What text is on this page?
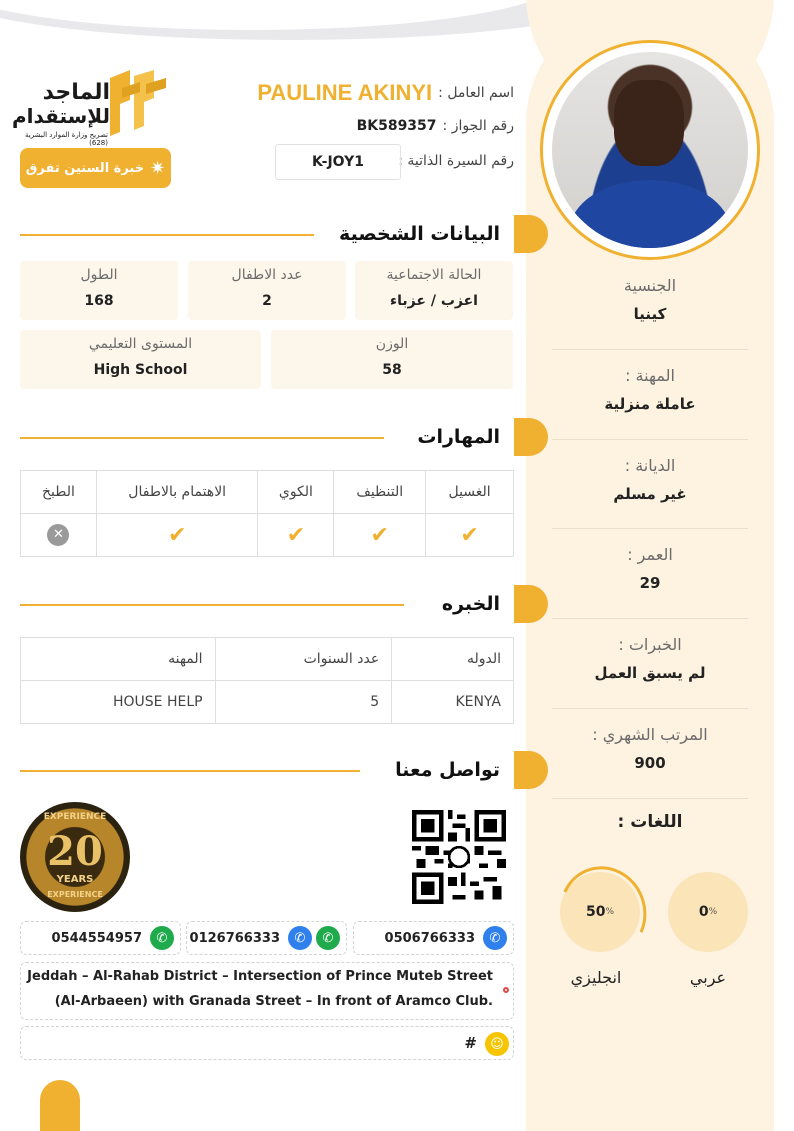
الجنسية
كينيا
المهنة :
عاملة منزلية
الديانة :
غير مسلم
العمر :
29
الخبرات :
لم يسبق العمل
المرتب الشهري :
900
اللغات :
0 %
عربي
50 %
انجليزي
الماجد
للإستقدام
تصريح وزارة الموارد البشرية (628)
✷
خبرة السنين تفرق
اسم العامل :
PAULINE AKINYI
رقم الجواز :
BK589357
رقم السيرة الذاتية :
K-JOY1
البيانات الشخصية
الحالة الاجتماعية
اعزب / عزباء
عدد الاطفال
2
الطول
168
الوزن
58
المستوى التعليمي
High School
المهارات
الغسيل	التنظيف	الكوي	الاهتمام بالاطفال	الطبخ
✔	✔	✔	✔	✕
الخبره
الدوله	عدد السنوات	المهنه
KENYA	5	HOUSE HELP
تواصل معنا
EXPERIENCE
20
YEARS
EXPERIENCE
0506766333	✆
0126766333	✆	✆
0544554957	✆
Jeddah – Al-Rahab District – Intersection of Prince Muteb Street
(Al-Arbaeen) with Granada Street – In front of Aramco Club.
☺
#
